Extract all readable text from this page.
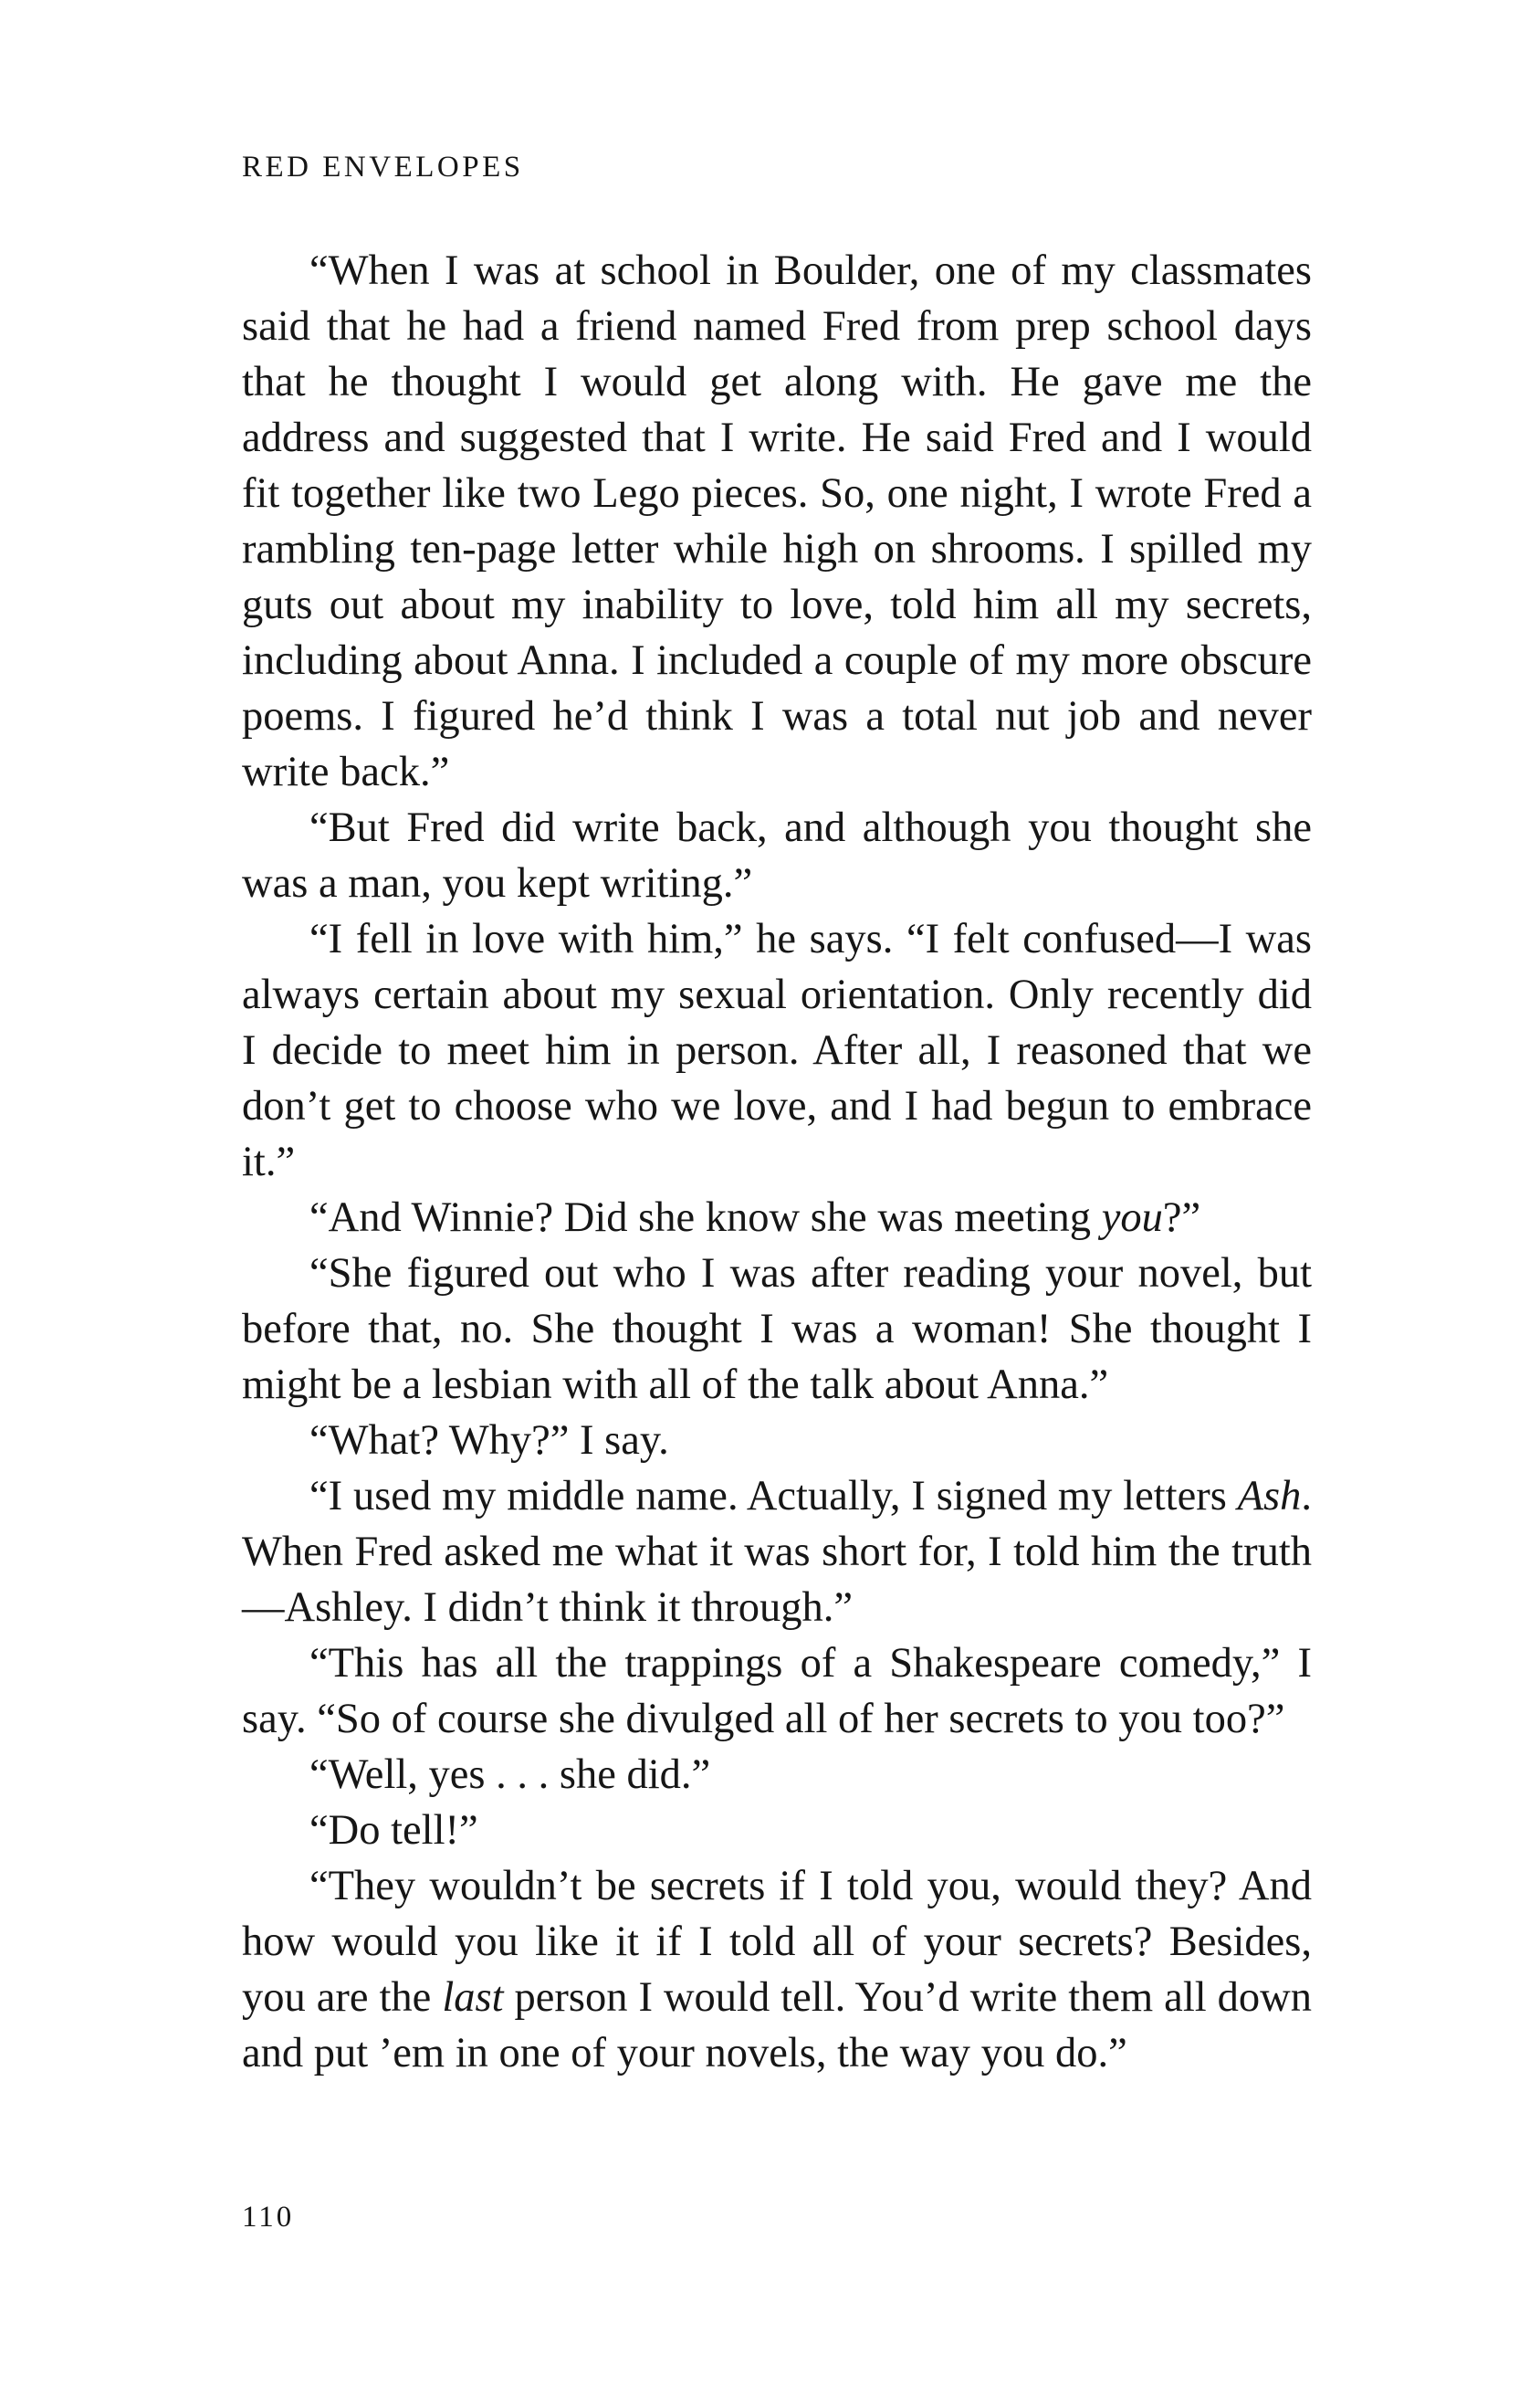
RED ENVELOPES

“When I was at school in Boulder, one of my classmates said that he had a friend named Fred from prep school days that he thought I would get along with. He gave me the address and suggested that I write. He said Fred and I would fit together like two Lego pieces. So, one night, I wrote Fred a rambling ten-page letter while high on shrooms. I spilled my guts out about my inability to love, told him all my secrets, including about Anna. I included a couple of my more obscure poems. I figured he’d think I was a total nut job and never write back.”

“But Fred did write back, and although you thought she was a man, you kept writing.”

“I fell in love with him,” he says. “I felt confused—I was always certain about my sexual orientation. Only recently did I decide to meet him in person. After all, I reasoned that we don’t get to choose who we love, and I had begun to embrace it.”

“And Winnie? Did she know she was meeting you?”

“She figured out who I was after reading your novel, but before that, no. She thought I was a woman! She thought I might be a lesbian with all of the talk about Anna.”

“What? Why?” I say.

“I used my middle name. Actually, I signed my letters Ash. When Fred asked me what it was short for, I told him the truth—Ashley. I didn’t think it through.”

“This has all the trappings of a Shakespeare comedy,” I say. “So of course she divulged all of her secrets to you too?”

“Well, yes . . . she did.”

“Do tell!”

“They wouldn’t be secrets if I told you, would they? And how would you like it if I told all of your secrets? Besides, you are the last person I would tell. You’d write them all down and put ’em in one of your novels, the way you do.”

110
